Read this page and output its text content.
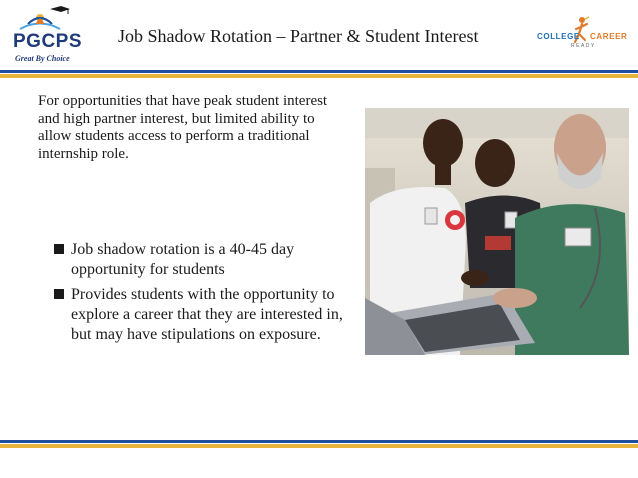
PGCPS
Great By Choice
Job Shadow Rotation – Partner & Student Interest	COLLEGE CAREER
READY
For opportunities that have peak student interest and high partner interest, but limited ability to allow students access to perform a traditional internship role.
Job shadow rotation is a 40-45 day opportunity for students
Provides students with the opportunity to explore a career that they are interested in, but may have stipulations on exposure.
